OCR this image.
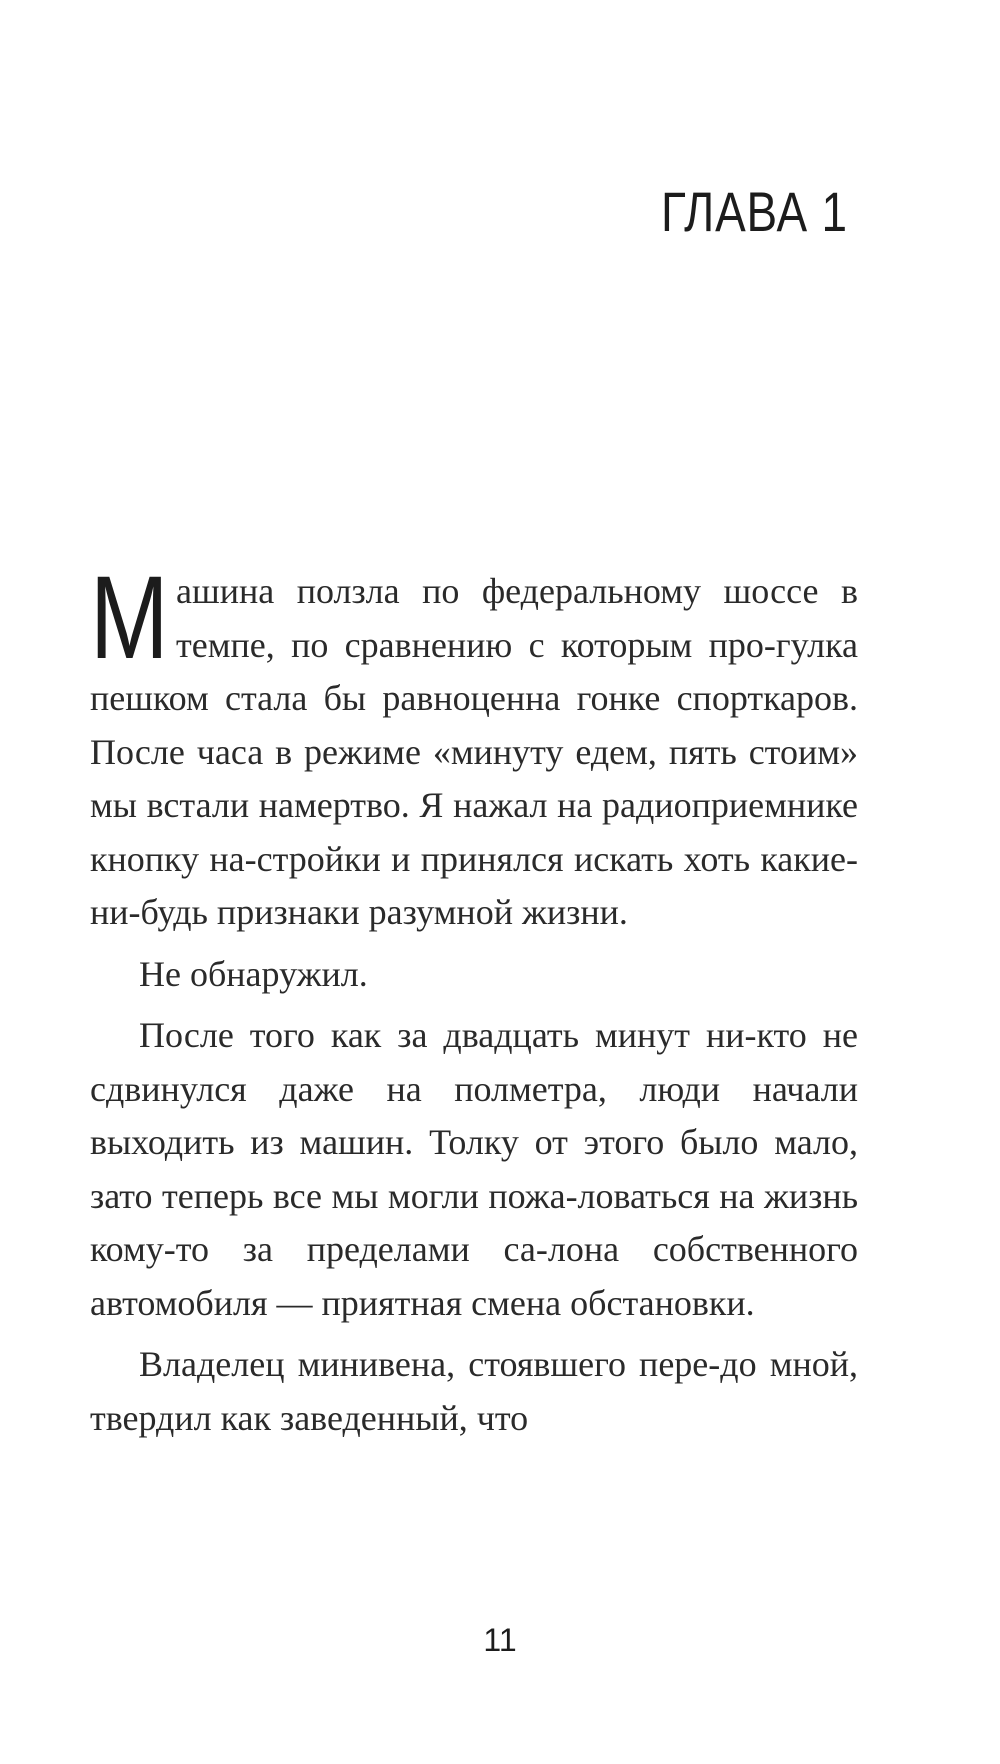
ГЛАВА 1

Машина ползла по федеральному шоссе в темпе, по сравнению с которым про-гулка пешком стала бы равноценна гонке спорткаров. После часа в режиме «минуту едем, пять стоим» мы встали намертво. Я нажал на радиоприемнике кнопку на-стройки и принялся искать хоть какие-ни-будь признаки разумной жизни.

Не обнаружил.

После того как за двадцать минут ни-кто не сдвинулся даже на полметра, люди начали выходить из машин. Толку от этого было мало, зато теперь все мы могли пожа-ловаться на жизнь кому-то за пределами са-лона собственного автомобиля — приятная смена обстановки.

Владелец минивена, стоявшего пере-до мной, твердил как заведенный, что

11
